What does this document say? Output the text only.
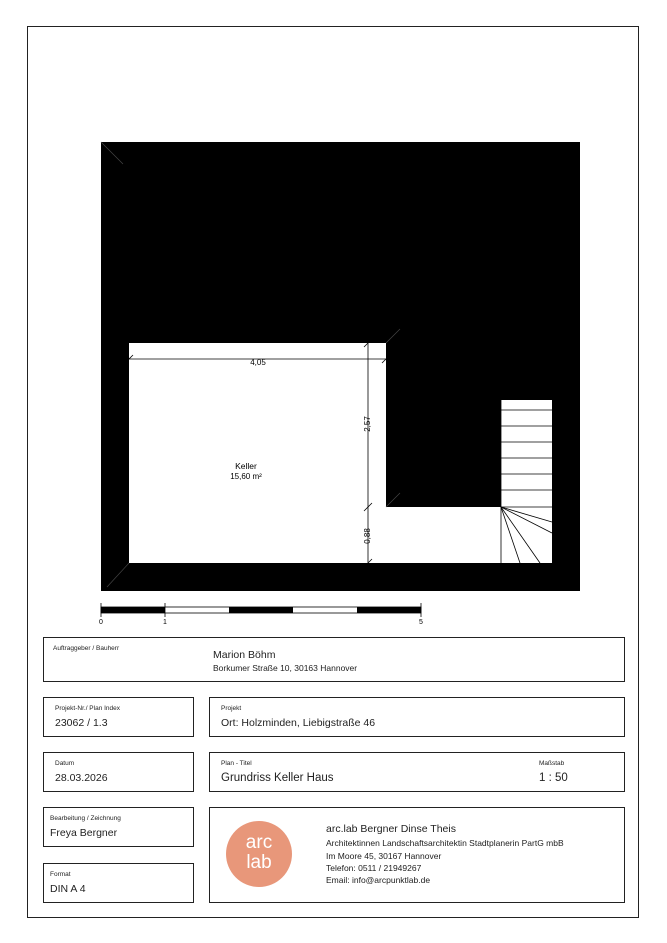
4,05
2,57
0,88
Keller
15,60 m²
0	1	5
Auftraggeber / Bauherr
Marion Böhm
Borkumer Straße 10, 30163 Hannover
Projekt-Nr./ Plan Index
23062 / 1.3
Projekt
Ort: Holzminden, Liebigstraße 46
Datum
28.03.2026
Plan - Titel
Grundriss Keller Haus
Maßstab
1 : 50
Bearbeitung / Zeichnung
Freya Bergner
Format
DIN A 4
arc
lab
arc.lab Bergner Dinse Theis
Architektinnen Landschaftsarchitektin Stadtplanerin PartG mbB
Im Moore 45, 30167 Hannover
Telefon: 0511 / 21949267
Email: info@arcpunktlab.de
